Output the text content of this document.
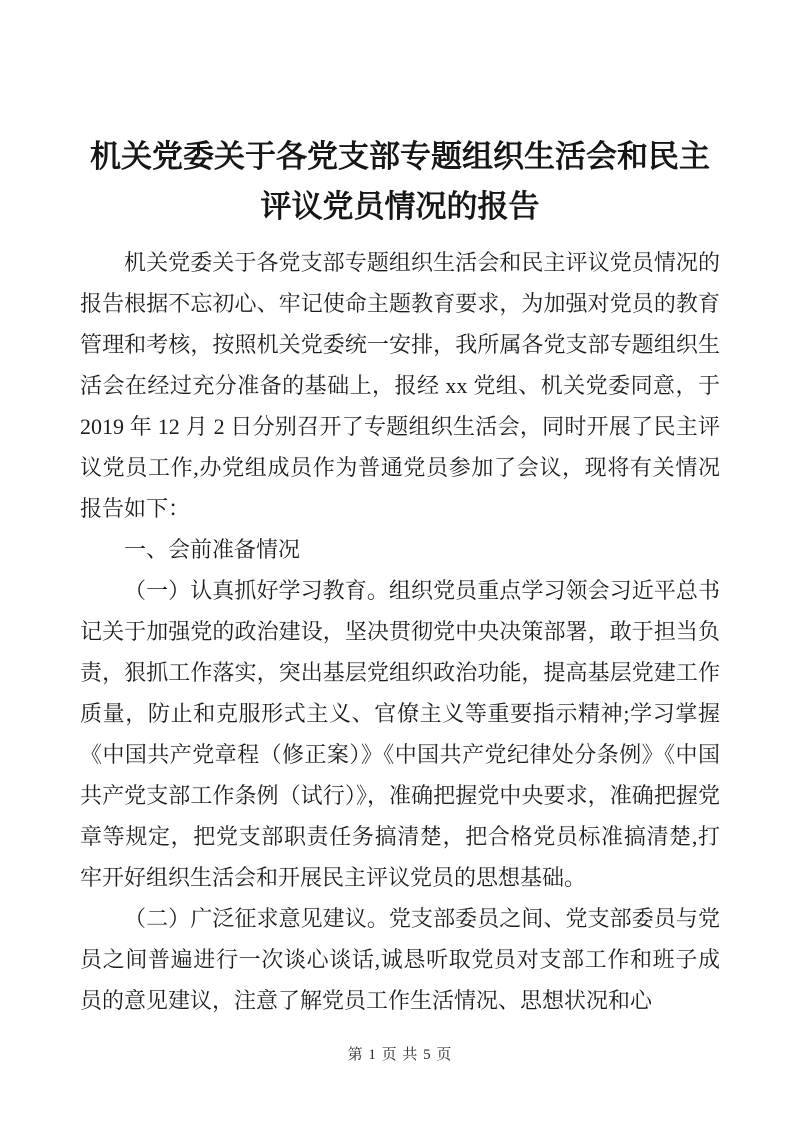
机关党委关于各党支部专题组织生活会和民主评议党员情况的报告

机关党委关于各党支部专题组织生活会和民主评议党员情况的报告根据不忘初心、牢记使命主题教育要求，为加强对党员的教育管理和考核，按照机关党委统一安排，我所属各党支部专题组织生活会在经过充分准备的基础上，报经 xx 党组、机关党委同意，于 2019 年 12 月 2 日分别召开了专题组织生活会，同时开展了民主评议党员工作,办党组成员作为普通党员参加了会议，现将有关情况报告如下：

一、会前准备情况

（一）认真抓好学习教育。组织党员重点学习领会习近平总书记关于加强党的政治建设，坚决贯彻党中央决策部署，敢于担当负责，狠抓工作落实，突出基层党组织政治功能，提高基层党建工作质量，防止和克服形式主义、官僚主义等重要指示精神;学习掌握《中国共产党章程（修正案）》《中国共产党纪律处分条例》《中国共产党支部工作条例（试行）》，准确把握党中央要求，准确把握党章等规定，把党支部职责任务搞清楚，把合格党员标准搞清楚,打牢开好组织生活会和开展民主评议党员的思想基础。

（二）广泛征求意见建议。党支部委员之间、党支部委员与党员之间普遍进行一次谈心谈话,诚恳听取党员对支部工作和班子成员的意见建议，注意了解党员工作生活情况、思想状况和心

第 1 页 共 5 页
